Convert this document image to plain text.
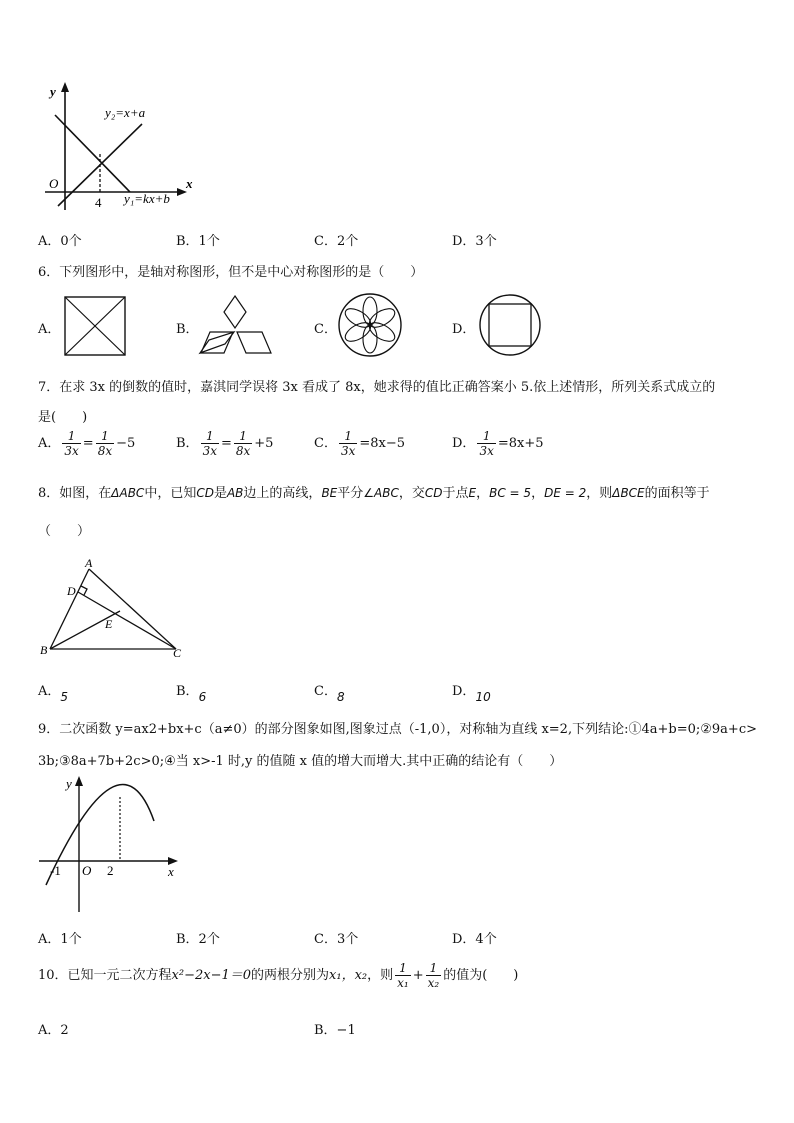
y
x
O
4
y₂=x+a
y₁=kx+b
A．0个	B．1个	C．2个	D．3个
6．下列图形中，是轴对称图形，但不是中心对称图形的是（　　）
A．	B．	C．	D．
7．在求 3x 的倒数的值时，嘉淇同学误将 3x 看成了 8x，她求得的值比正确答案小 5.依上述情形，所列关系式成立的
是(　　)
A． $\frac{1}{3x} = \frac{1}{8x} -5$	B． $\frac{1}{3x} = \frac{1}{8x} +5$	C． $\frac{1}{3x} =8x-5$	D． $\frac{1}{3x} =8x+5$
8．如图，在ΔABC中，已知CD是AB边上的高线，BE平分∠ABC，交CD于点E，BC = 5，DE = 2，则ΔBCE的面积等于
（　　）
A
D
E
B	C
A．5	B．6	C．8	D．10
9．二次函数 y=ax2+bx+c（a≠0）的部分图象如图,图象过点（-1,0），对称轴为直线 x=2,下列结论:①4a+b=0;②9a+c>
3b;③8a+7b+2c>0;④当 x>-1 时,y 的值随 x 值的增大而增大.其中正确的结论有（　　）
y
x
O
-1	2
A．1个	B．2个	C．3个	D．4个
10．已知一元二次方程x²−2x−1＝0的两根分别为x₁，x₂，则 $\frac{1}{\text{x₁}} + \frac{1}{\text{x₂}}$ 的值为(　　)
A．2	B．−1
